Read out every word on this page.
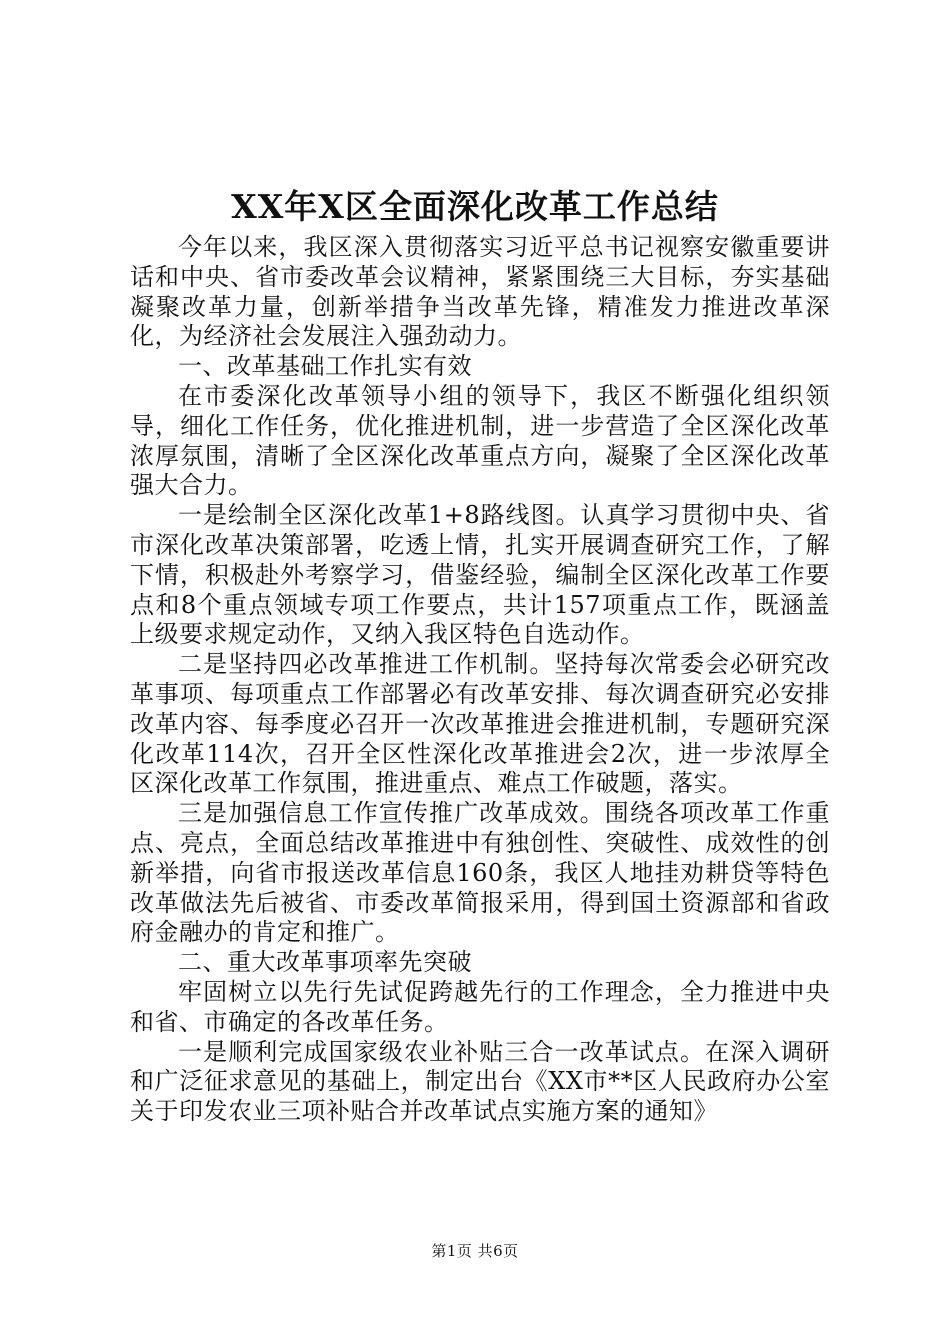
XX年X区全面深化改革工作总结

今年以来，我区深入贯彻落实习近平总书记视察安徽重要讲话和中央、省市委改革会议精神，紧紧围绕三大目标，夯实基础凝聚改革力量，创新举措争当改革先锋，精准发力推进改革深化，为经济社会发展注入强劲动力。

一、改革基础工作扎实有效

在市委深化改革领导小组的领导下，我区不断强化组织领导，细化工作任务，优化推进机制，进一步营造了全区深化改革浓厚氛围，清晰了全区深化改革重点方向，凝聚了全区深化改革强大合力。

一是绘制全区深化改革1+8路线图。认真学习贯彻中央、省市深化改革决策部署，吃透上情，扎实开展调查研究工作，了解下情，积极赴外考察学习，借鉴经验，编制全区深化改革工作要点和8个重点领域专项工作要点，共计157项重点工作，既涵盖上级要求规定动作，又纳入我区特色自选动作。

二是坚持四必改革推进工作机制。坚持每次常委会必研究改革事项、每项重点工作部署必有改革安排、每次调查研究必安排改革内容、每季度必召开一次改革推进会推进机制，专题研究深化改革114次，召开全区性深化改革推进会2次，进一步浓厚全区深化改革工作氛围，推进重点、难点工作破题，落实。

三是加强信息工作宣传推广改革成效。围绕各项改革工作重点、亮点，全面总结改革推进中有独创性、突破性、成效性的创新举措，向省市报送改革信息160条，我区人地挂劝耕贷等特色改革做法先后被省、市委改革简报采用，得到国土资源部和省政府金融办的肯定和推广。

二、重大改革事项率先突破

牢固树立以先行先试促跨越先行的工作理念，全力推进中央和省、市确定的各改革任务。

一是顺利完成国家级农业补贴三合一改革试点。在深入调研和广泛征求意见的基础上，制定出台《XX市**区人民政府办公室关于印发农业三项补贴合并改革试点实施方案的通知》

第1页 共6页
